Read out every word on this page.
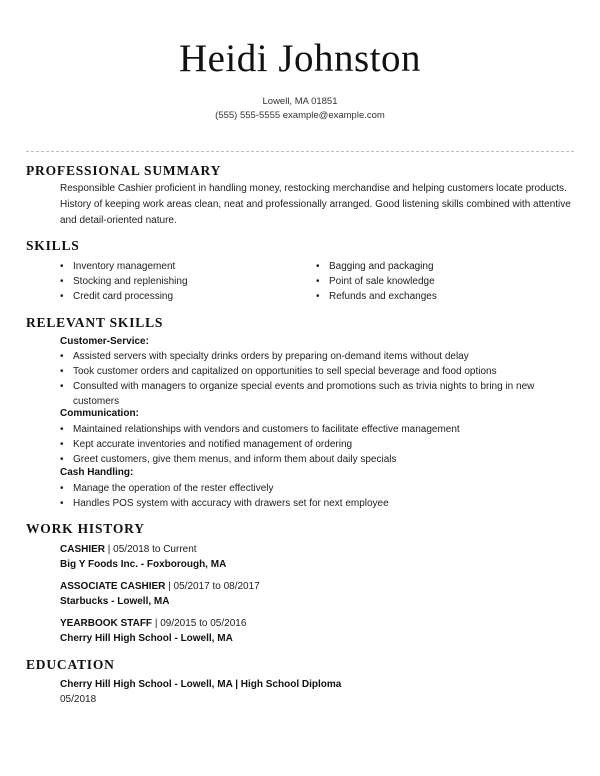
Heidi Johnston
Lowell, MA 01851
(555) 555-5555 example@example.com
PROFESSIONAL SUMMARY
Responsible Cashier proficient in handling money, restocking merchandise and helping customers locate products. History of keeping work areas clean, neat and professionally arranged. Good listening skills combined with attentive and detail-oriented nature.
SKILLS
• Inventory management
• Stocking and replenishing
• Credit card processing
• Bagging and packaging
• Point of sale knowledge
• Refunds and exchanges
RELEVANT SKILLS
Customer-Service:
• Assisted servers with specialty drinks orders by preparing on-demand items without delay
• Took customer orders and capitalized on opportunities to sell special beverage and food options
• Consulted with managers to organize special events and promotions such as trivia nights to bring in new customers
Communication:
• Maintained relationships with vendors and customers to facilitate effective management
• Kept accurate inventories and notified management of ordering
• Greet customers, give them menus, and inform them about daily specials
Cash Handling:
• Manage the operation of the rester effectively
• Handles POS system with accuracy with drawers set for next employee
WORK HISTORY
CASHIER | 05/2018 to Current
Big Y Foods Inc. - Foxborough, MA
ASSOCIATE CASHIER | 05/2017 to 08/2017
Starbucks - Lowell, MA
YEARBOOK STAFF | 09/2015 to 05/2016
Cherry Hill High School - Lowell, MA
EDUCATION
Cherry Hill High School - Lowell, MA | High School Diploma
05/2018
